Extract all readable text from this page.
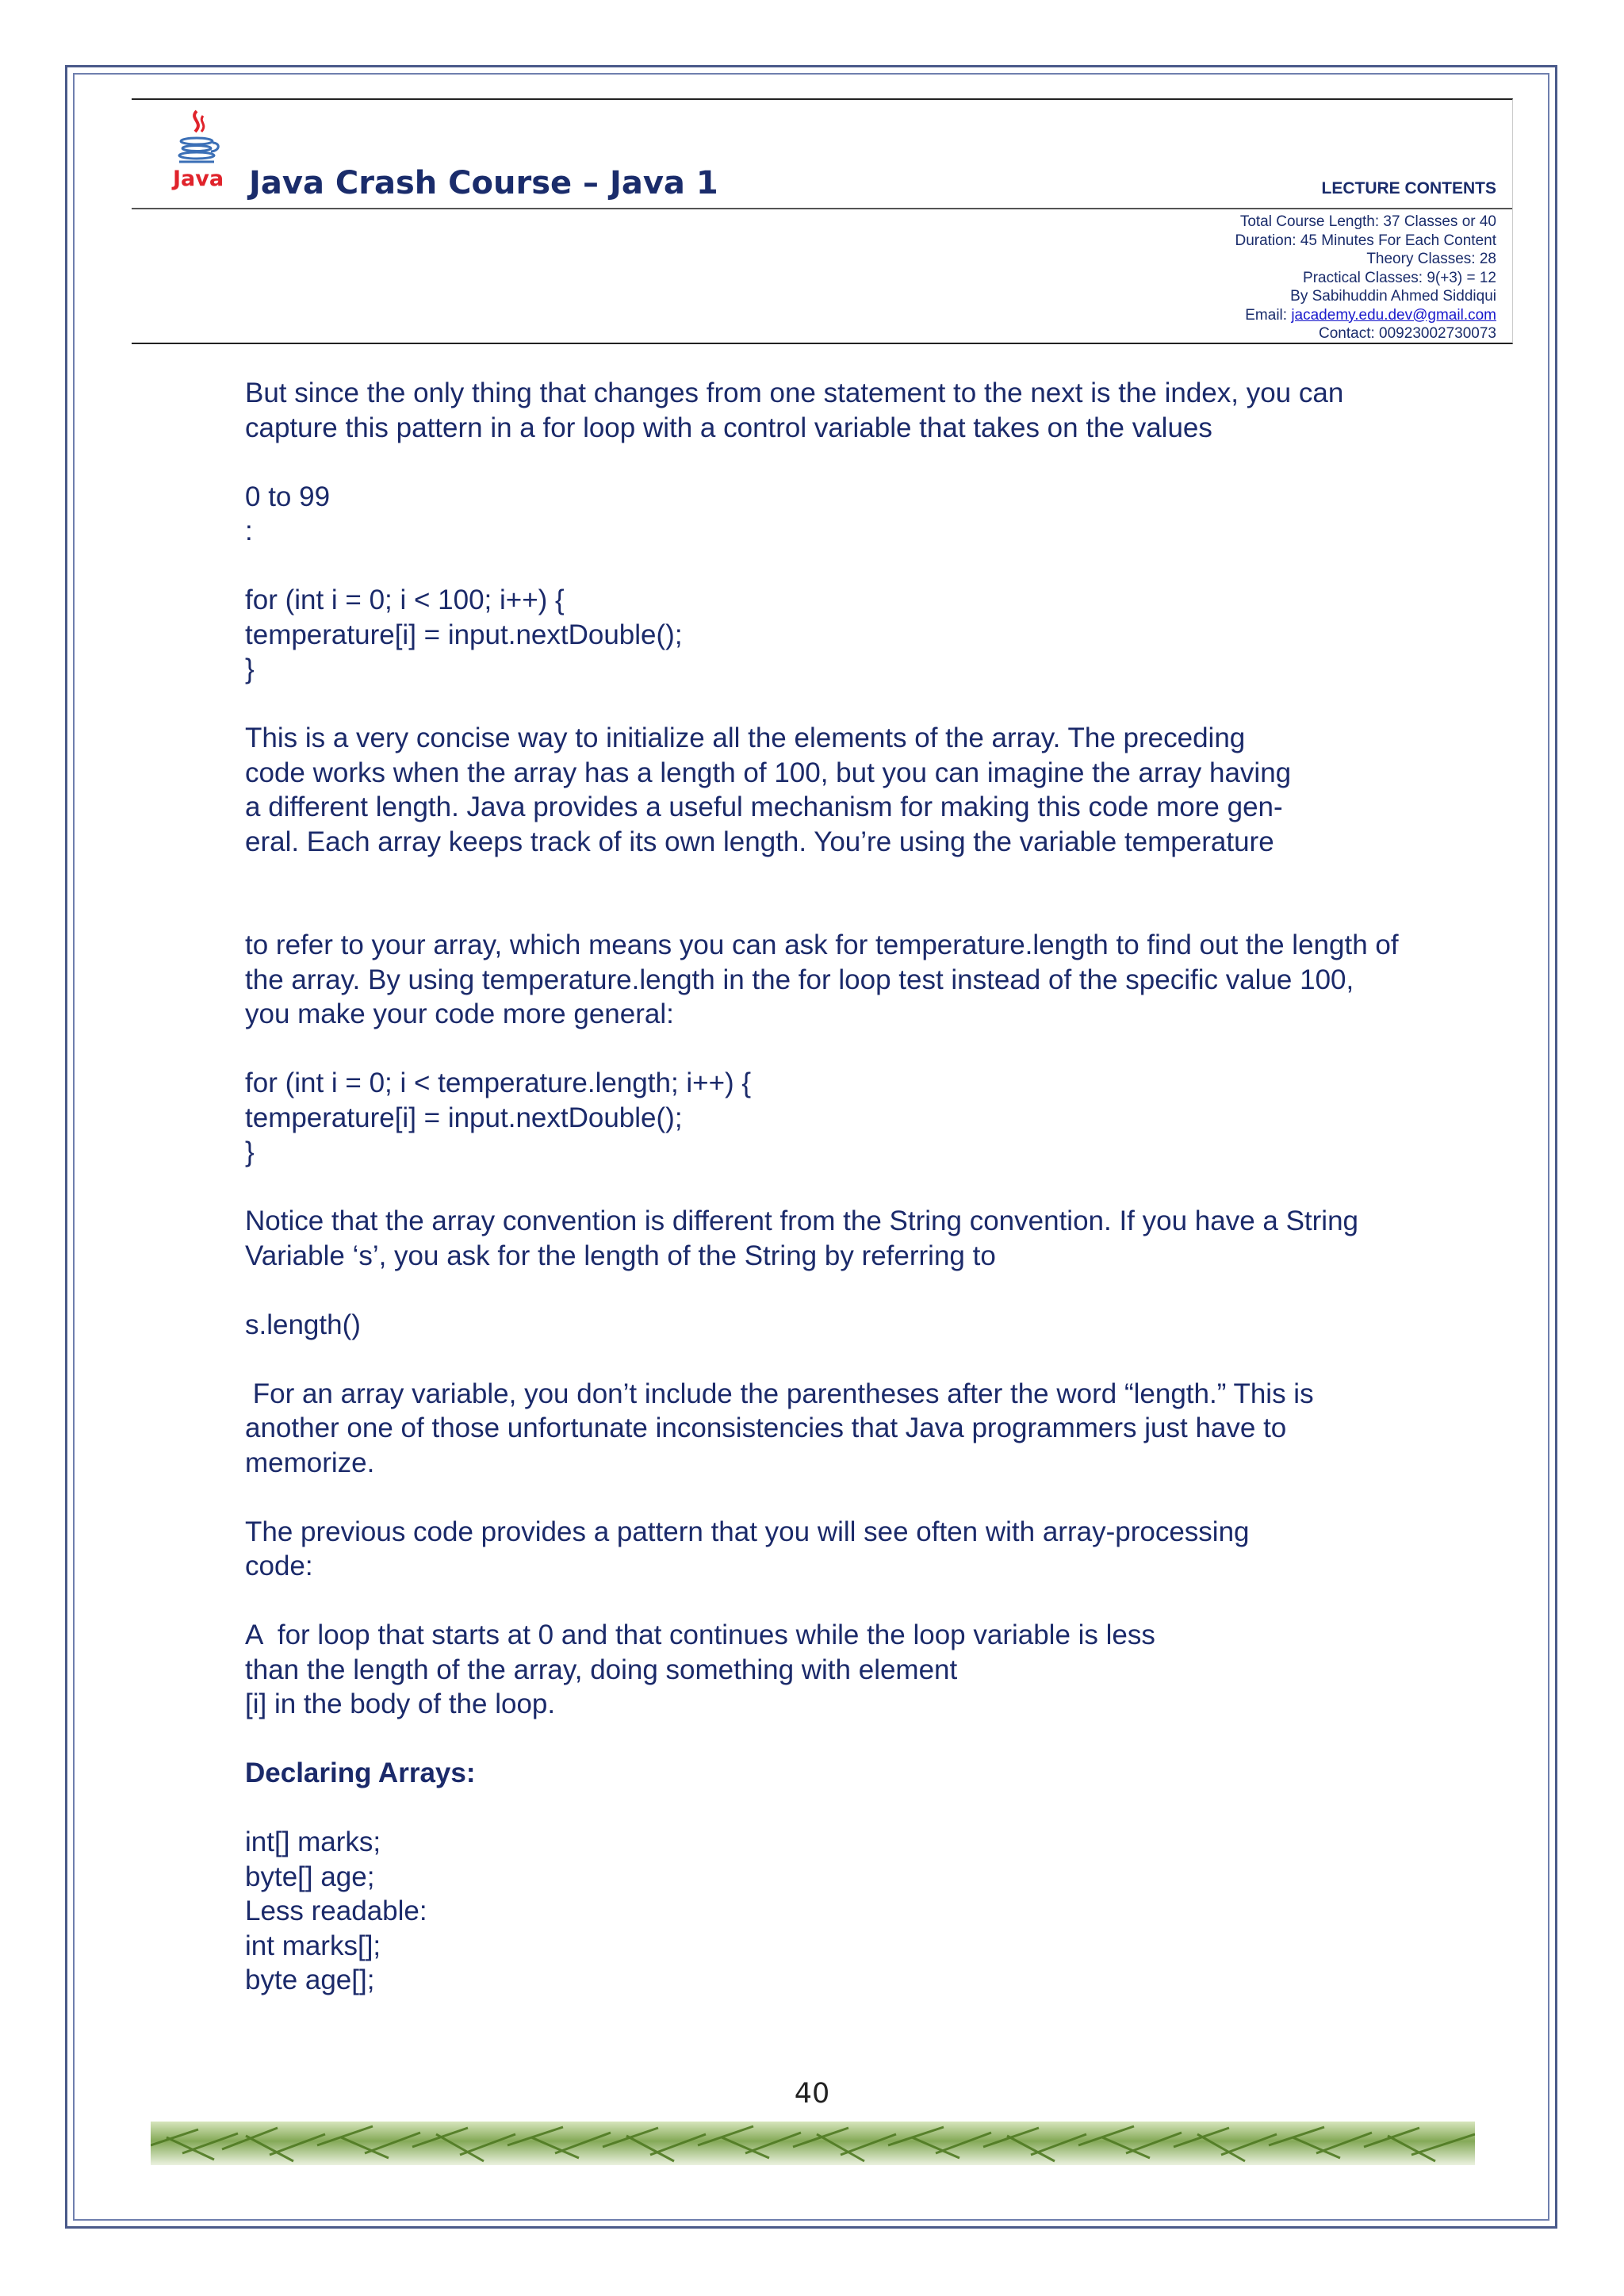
Java Java Crash Course – Java 1	LECTURE CONTENTS
Total Course Length: 37 Classes or 40
Duration: 45 Minutes For Each Content
Theory Classes: 28
Practical Classes: 9(+3) = 12
By Sabihuddin Ahmed Siddiqui
Email: jacademy.edu.dev@gmail.com
Contact: 00923002730073

But since the only thing that changes from one statement to the next is the index, you can

capture this pattern in a for loop with a control variable that takes on the values

0 to 99

:

for (int i = 0; i < 100; i++) {

temperature[i] = input.nextDouble();

}

This is a very concise way to initialize all the elements of the array. The preceding

code works when the array has a length of 100, but you can imagine the array having

a different length. Java provides a useful mechanism for making this code more gen-

eral. Each array keeps track of its own length. You’re using the variable temperature

to refer to your array, which means you can ask for temperature.length to find out the length of

the array. By using temperature.length in the for loop test instead of the specific value 100,

you make your code more general:

for (int i = 0; i < temperature.length; i++) {

temperature[i] = input.nextDouble();

}

Notice that the array convention is different from the String convention. If you have a String

Variable ‘s’, you ask for the length of the String by referring to

s.length()

For an array variable, you don’t include the parentheses after the word “length.” This is

another one of those unfortunate inconsistencies that Java programmers just have to

memorize.

The previous code provides a pattern that you will see often with array-processing

code:

A  for loop that starts at 0 and that continues while the loop variable is less

than the length of the array, doing something with element

[i] in the body of the loop.

Declaring Arrays:

int[] marks;

byte[] age;

Less readable:

int marks[];

byte age[];

40
